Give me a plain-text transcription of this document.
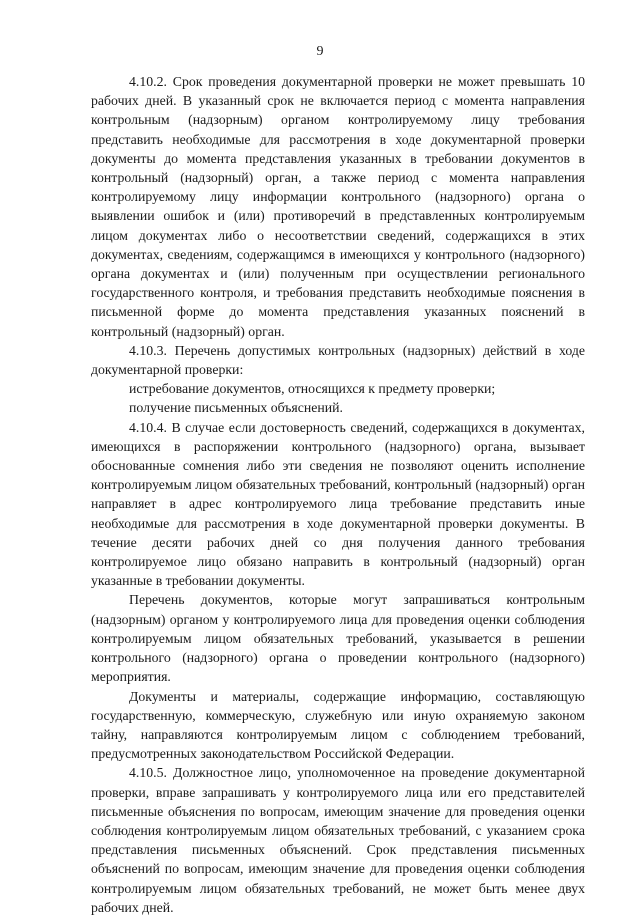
9

4.10.2. Срок проведения документарной проверки не может превышать 10 рабочих дней. В указанный срок не включается период с момента направления контрольным (надзорным) органом контролируемому лицу требования представить необходимые для рассмотрения в ходе документарной проверки документы до момента представления указанных в требовании документов в контрольный (надзорный) орган, а также период с момента направления контролируемому лицу информации контрольного (надзорного) органа о выявлении ошибок и (или) противоречий в представленных контролируемым лицом документах либо о несоответствии сведений, содержащихся в этих документах, сведениям, содержащимся в имеющихся у контрольного (надзорного) органа документах и (или) полученным при осуществлении регионального государственного контроля, и требования представить необходимые пояснения в письменной форме до момента представления указанных пояснений в контрольный (надзорный) орган.

4.10.3. Перечень допустимых контрольных (надзорных) действий в ходе документарной проверки:

истребование документов, относящихся к предмету проверки;

получение письменных объяснений.

4.10.4. В случае если достоверность сведений, содержащихся в документах, имеющихся в распоряжении контрольного (надзорного) органа, вызывает обоснованные сомнения либо эти сведения не позволяют оценить исполнение контролируемым лицом обязательных требований, контрольный (надзорный) орган направляет в адрес контролируемого лица требование представить иные необходимые для рассмотрения в ходе документарной проверки документы. В течение десяти рабочих дней со дня получения данного требования контролируемое лицо обязано направить в контрольный (надзорный) орган указанные в требовании документы.

Перечень документов, которые могут запрашиваться контрольным (надзорным) органом у контролируемого лица для проведения оценки соблюдения контролируемым лицом обязательных требований, указывается в решении контрольного (надзорного) органа о проведении контрольного (надзорного) мероприятия.

Документы и материалы, содержащие информацию, составляющую государственную, коммерческую, служебную или иную охраняемую законом тайну, направляются контролируемым лицом с соблюдением требований, предусмотренных законодательством Российской Федерации.

4.10.5. Должностное лицо, уполномоченное на проведение документарной проверки, вправе запрашивать у контролируемого лица или его представителей письменные объяснения по вопросам, имеющим значение для проведения оценки соблюдения контролируемым лицом обязательных требований, с указанием срока представления письменных объяснений. Срок представления письменных объяснений по вопросам, имеющим значение для проведения оценки соблюдения контролируемым лицом обязательных требований, не может быть менее двух рабочих дней.
